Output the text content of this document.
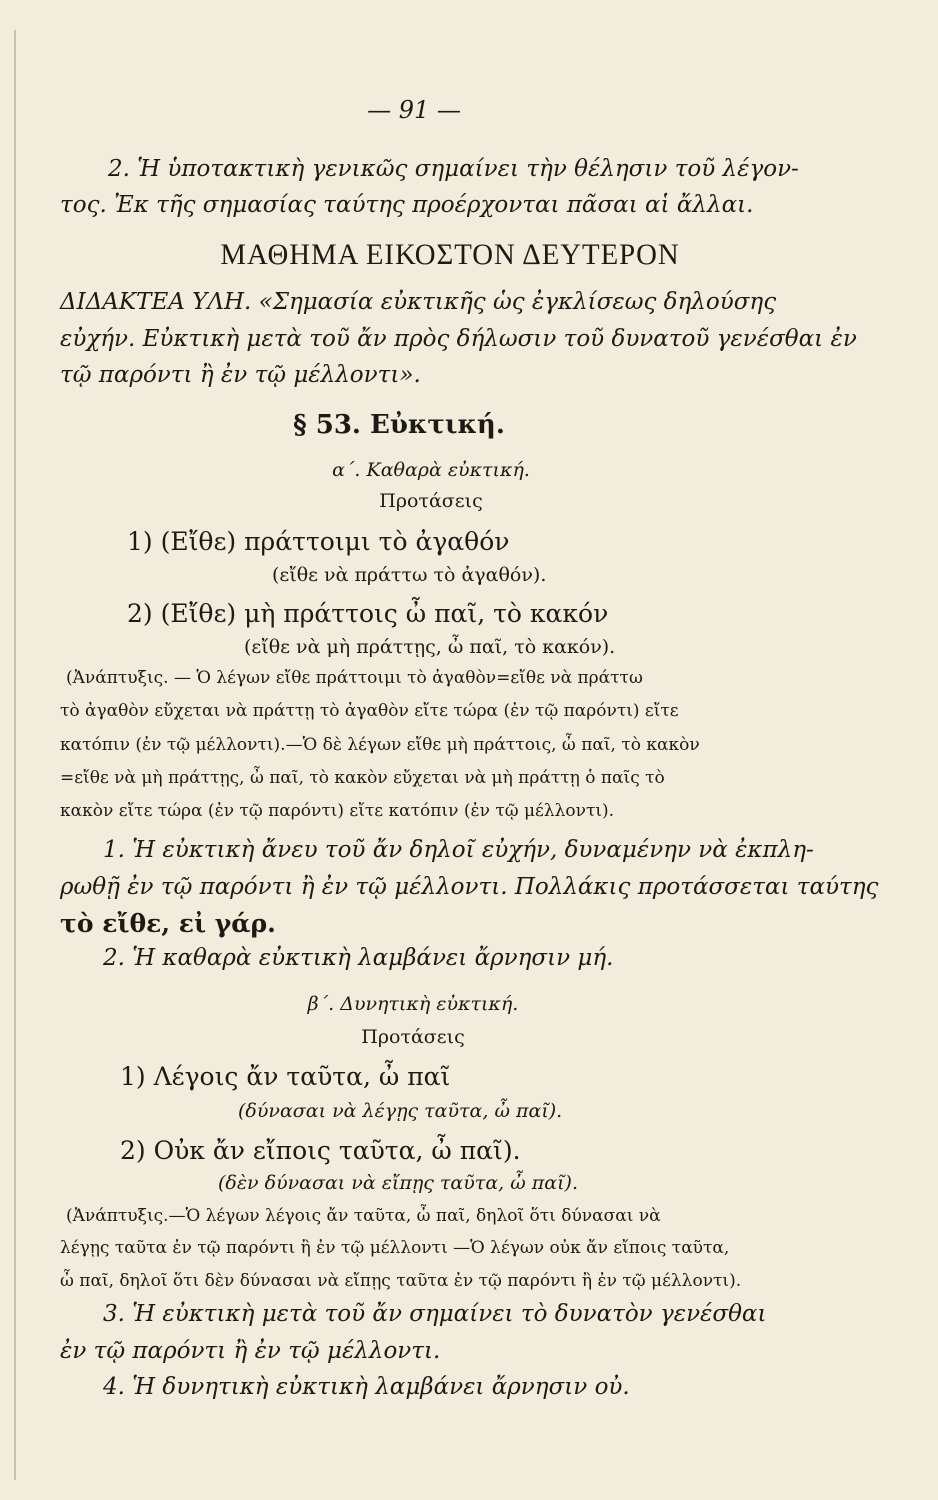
— 91 —
2. Ἡ ὑποτακτικὴ γενικῶς σημαίνει τὴν θέλησιν τοῦ λέγον-
τος. Ἐκ τῆς σημασίας ταύτης προέρχονται πᾶσαι αἱ ἄλλαι.
ΜΑΘΗΜΑ ΕΙΚΟΣΤΟΝ ΔΕΥΤΕΡΟΝ
ΔΙΔΑΚΤΕΑ ΥΛΗ. «Σημασία εὐκτικῆς ὡς ἐγκλίσεως δηλούσης
εὐχήν. Εὐκτικὴ μετὰ τοῦ ἄν πρὸς δήλωσιν τοῦ δυνατοῦ γενέσθαι ἐν
τῷ παρόντι ἢ ἐν τῷ μέλλοντι».
§ 53. Εὐκτική.
α΄. Καθαρὰ εὐκτική.
Προτάσεις
1) (Εἴθε) πράττοιμι τὸ ἀγαθόν
(εἴθε νὰ πράττω τὸ ἀγαθόν).
2) (Εἴθε) μὴ πράττοις ὦ παῖ, τὸ κακόν
(εἴθε νὰ μὴ πράττῃς, ὦ παῖ, τὸ κακόν).
(Ἀνάπτυξις. — Ὁ λέγων εἴθε πράττοιμι τὸ ἀγαθὸν=εἴθε νὰ πράττω
τὸ ἀγαθὸν εὔχεται νὰ πράττῃ τὸ ἀγαθὸν εἴτε τώρα (ἐν τῷ παρόντι) εἴτε
κατόπιν (ἐν τῷ μέλλοντι).—Ὁ δὲ λέγων εἴθε μὴ πράττοις, ὦ παῖ, τὸ κακὸν
=εἴθε νὰ μὴ πράττῃς, ὦ παῖ, τὸ κακὸν εὔχεται νὰ μὴ πράττῃ ὁ παῖς τὸ
κακὸν εἴτε τώρα (ἐν τῷ παρόντι) εἴτε κατόπιν (ἐν τῷ μέλλοντι).
1. Ἡ εὐκτικὴ ἄνευ τοῦ ἄν δηλοῖ εὐχήν, δυναμένην νὰ ἐκπλη-
ρωθῇ ἐν τῷ παρόντι ἢ ἐν τῷ μέλλοντι. Πολλάκις προτάσσεται ταύτης
τὸ εἴθε, εἰ γάρ.
2. Ἡ καθαρὰ εὐκτικὴ λαμβάνει ἄρνησιν μή.
β΄. Δυνητικὴ εὐκτική.
Προτάσεις
1) Λέγοις ἄν ταῦτα, ὦ παῖ
(δύνασαι νὰ λέγῃς ταῦτα, ὦ παῖ).
2) Οὐκ ἄν εἴποις ταῦτα, ὦ παῖ).
(δὲν δύνασαι νὰ εἴπῃς ταῦτα, ὦ παῖ).
(Ἀνάπτυξις.—Ὁ λέγων λέγοις ἄν ταῦτα, ὦ παῖ, δηλοῖ ὅτι δύνασαι νὰ
λέγῃς ταῦτα ἐν τῷ παρόντι ἢ ἐν τῷ μέλλοντι —Ὁ λέγων οὐκ ἄν εἴποις ταῦτα,
ὦ παῖ, δηλοῖ ὅτι δὲν δύνασαι νὰ εἴπῃς ταῦτα ἐν τῷ παρόντι ἢ ἐν τῷ μέλλοντι).
3. Ἡ εὐκτικὴ μετὰ τοῦ ἄν σημαίνει τὸ δυνατὸν γενέσθαι
ἐν τῷ παρόντι ἢ ἐν τῷ μέλλοντι.
4. Ἡ δυνητικὴ εὐκτικὴ λαμβάνει ἄρνησιν οὐ.
